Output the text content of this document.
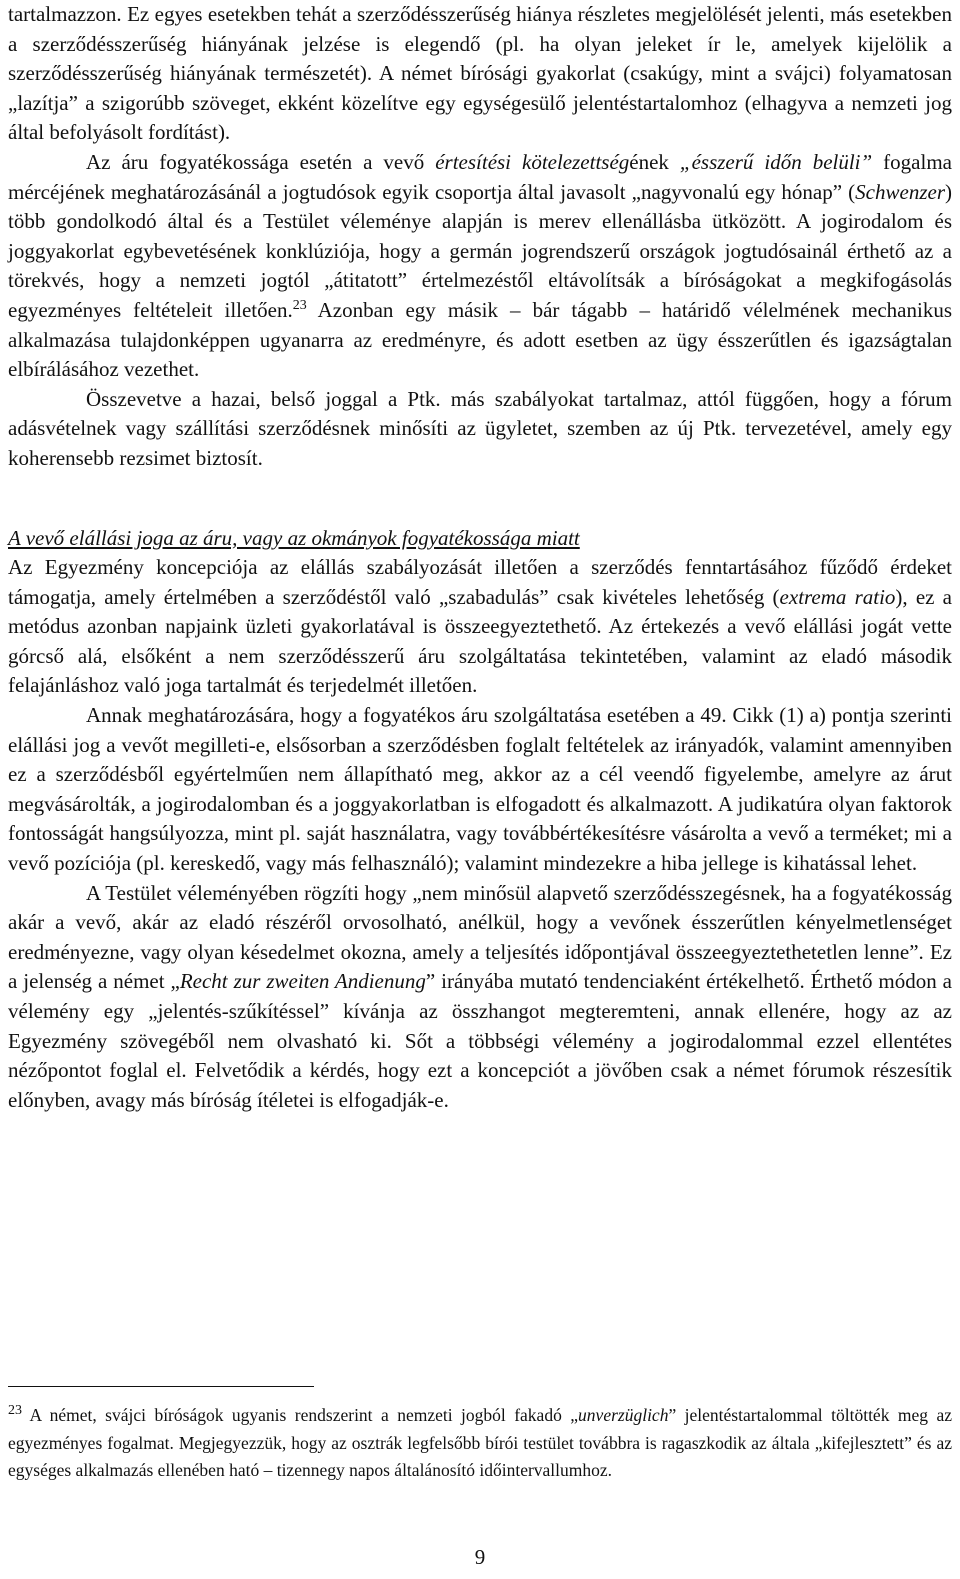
tartalmazzon. Ez egyes esetekben tehát a szerződésszerűség hiánya részletes megjelölését jelenti, más esetekben a szerződésszerűség hiányának jelzése is elegendő (pl. ha olyan jeleket ír le, amelyek kijelölik a szerződésszerűség hiányának természetét). A német bírósági gyakorlat (csakúgy, mint a svájci) folyamatosan „lazítja” a szigorúbb szöveget, ekként közelítve egy egységesülő jelentéstartalomhoz (elhagyva a nemzeti jog által befolyásolt fordítást).

Az áru fogyatékossága esetén a vevő értesítési kötelezettségének „ésszerű időn belüli” fogalma mércéjének meghatározásánál a jogtudósok egyik csoportja által javasolt „nagyvonalú egy hónap” (Schwenzer) több gondolkodó által és a Testület véleménye alapján is merev ellenállásba ütközött. A jogirodalom és joggyakorlat egybevetésének konklúziója, hogy a germán jogrendszerű országok jogtudósainál érthető az a törekvés, hogy a nemzeti jogtól „átitatott” értelmezéstől eltávolítsák a bíróságokat a megkifogásolás egyezményes feltételeit illetően.$^{23}$ Azonban egy másik – bár tágabb – határidő vélelmének mechanikus alkalmazása tulajdonképpen ugyanarra az eredményre, és adott esetben az ügy ésszerűtlen és igazságtalan elbírálásához vezethet.

Összevetve a hazai, belső joggal a Ptk. más szabályokat tartalmaz, attól függően, hogy a fórum adásvételnek vagy szállítási szerződésnek minősíti az ügyletet, szemben az új Ptk. tervezetével, amely egy koherensebb rezsimet biztosít.

A vevő elállási joga az áru, vagy az okmányok fogyatékossága miatt

Az Egyezmény koncepciója az elállás szabályozását illetően a szerződés fenntartásához fűződő érdeket támogatja, amely értelmében a szerződéstől való „szabadulás” csak kivételes lehetőség (extrema ratio), ez a metódus azonban napjaink üzleti gyakorlatával is összeegyeztethető. Az értekezés a vevő elállási jogát vette górcső alá, elsőként a nem szerződésszerű áru szolgáltatása tekintetében, valamint az eladó második felajánláshoz való joga tartalmát és terjedelmét illetően.

Annak meghatározására, hogy a fogyatékos áru szolgáltatása esetében a 49. Cikk (1) a) pontja szerinti elállási jog a vevőt megilleti-e, elsősorban a szerződésben foglalt feltételek az irányadók, valamint amennyiben ez a szerződésből egyértelműen nem állapítható meg, akkor az a cél veendő figyelembe, amelyre az árut megvásárolták, a jogirodalomban és a joggyakorlatban is elfogadott és alkalmazott. A judikatúra olyan faktorok fontosságát hangsúlyozza, mint pl. saját használatra, vagy továbbértékesítésre vásárolta a vevő a terméket; mi a vevő pozíciója (pl. kereskedő, vagy más felhasználó); valamint mindezekre a hiba jellege is kihatással lehet.

A Testület véleményében rögzíti hogy „nem minősül alapvető szerződésszegésnek, ha a fogyatékosság akár a vevő, akár az eladó részéről orvosolható, anélkül, hogy a vevőnek ésszerűtlen kényelmetlenséget eredményezne, vagy olyan késedelmet okozna, amely a teljesítés időpontjával összeegyeztethetetlen lenne”. Ez a jelenség a német „Recht zur zweiten Andienung” irányába mutató tendenciaként értékelhető. Érthető módon a vélemény egy „jelentés-szűkítéssel” kívánja az összhangot megteremteni, annak ellenére, hogy az az Egyezmény szövegéből nem olvasható ki. Sőt a többségi vélemény a jogirodalommal ezzel ellentétes nézőpontot foglal el. Felvetődik a kérdés, hogy ezt a koncepciót a jövőben csak a német fórumok részesítik előnyben, avagy más bíróság ítéletei is elfogadják-e.

$^{23}$ A német, svájci bíróságok ugyanis rendszerint a nemzeti jogból fakadó „unverzüglich” jelentéstartalommal töltötték meg az egyezményes fogalmat. Megjegyezzük, hogy az osztrák legfelsőbb bírói testület továbbra is ragaszkodik az általa „kifejlesztett” és az egységes alkalmazás ellenében ható – tizennegy napos általánosító időintervallumhoz.
9
